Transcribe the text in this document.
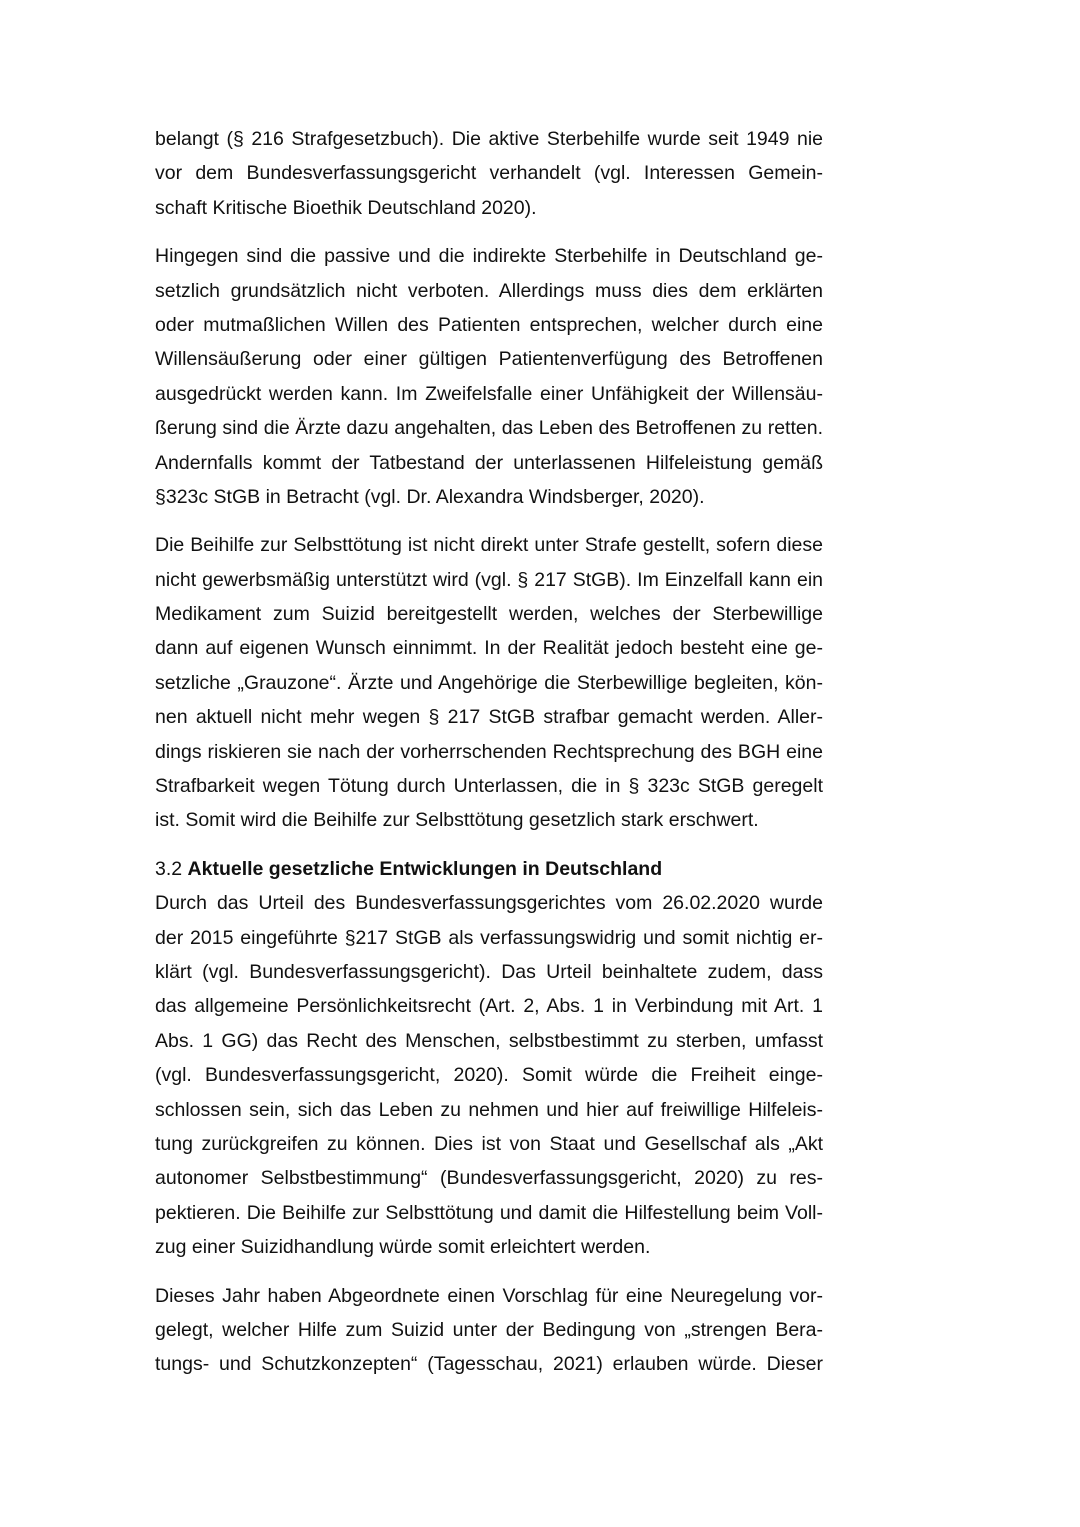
belangt (§ 216 Strafgesetzbuch). Die aktive Sterbehilfe wurde seit 1949 nie
vor dem Bundesverfassungsgericht verhandelt (vgl. Interessen Gemein-
schaft Kritische Bioethik Deutschland 2020).
Hingegen sind die passive und die indirekte Sterbehilfe in Deutschland ge-
setzlich grundsätzlich nicht verboten. Allerdings muss dies dem erklärten
oder mutmaßlichen Willen des Patienten entsprechen, welcher durch eine
Willensäußerung oder einer gültigen Patientenverfügung des Betroffenen
ausgedrückt werden kann. Im Zweifelsfalle einer Unfähigkeit der Willensäu-
ßerung sind die Ärzte dazu angehalten, das Leben des Betroffenen zu retten.
Andernfalls kommt der Tatbestand der unterlassenen Hilfeleistung gemäß
§323c StGB in Betracht (vgl. Dr. Alexandra Windsberger, 2020).
Die Beihilfe zur Selbsttötung ist nicht direkt unter Strafe gestellt, sofern diese
nicht gewerbsmäßig unterstützt wird (vgl. § 217 StGB). Im Einzelfall kann ein
Medikament zum Suizid bereitgestellt werden, welches der Sterbewillige
dann auf eigenen Wunsch einnimmt. In der Realität jedoch besteht eine ge-
setzliche „Grauzone“. Ärzte und Angehörige die Sterbewillige begleiten, kön-
nen aktuell nicht mehr wegen § 217 StGB strafbar gemacht werden. Aller-
dings riskieren sie nach der vorherrschenden Rechtsprechung des BGH eine
Strafbarkeit wegen Tötung durch Unterlassen, die in § 323c StGB geregelt
ist. Somit wird die Beihilfe zur Selbsttötung gesetzlich stark erschwert.
3.2 Aktuelle gesetzliche Entwicklungen in Deutschland
Durch das Urteil des Bundesverfassungsgerichtes vom 26.02.2020 wurde
der 2015 eingeführte §217 StGB als verfassungswidrig und somit nichtig er-
klärt (vgl. Bundesverfassungsgericht). Das Urteil beinhaltete zudem, dass
das allgemeine Persönlichkeitsrecht (Art. 2, Abs. 1 in Verbindung mit Art. 1
Abs. 1 GG) das Recht des Menschen, selbstbestimmt zu sterben, umfasst
(vgl. Bundesverfassungsgericht, 2020). Somit würde die Freiheit einge-
schlossen sein, sich das Leben zu nehmen und hier auf freiwillige Hilfeleis-
tung zurückgreifen zu können. Dies ist von Staat und Gesellschaf als „Akt
autonomer Selbstbestimmung“ (Bundesverfassungsgericht, 2020) zu res-
pektieren. Die Beihilfe zur Selbsttötung und damit die Hilfestellung beim Voll-
zug einer Suizidhandlung würde somit erleichtert werden.
Dieses Jahr haben Abgeordnete einen Vorschlag für eine Neuregelung vor-
gelegt, welcher Hilfe zum Suizid unter der Bedingung von „strengen Bera-
tungs- und Schutzkonzepten“ (Tagesschau, 2021) erlauben würde. Dieser
